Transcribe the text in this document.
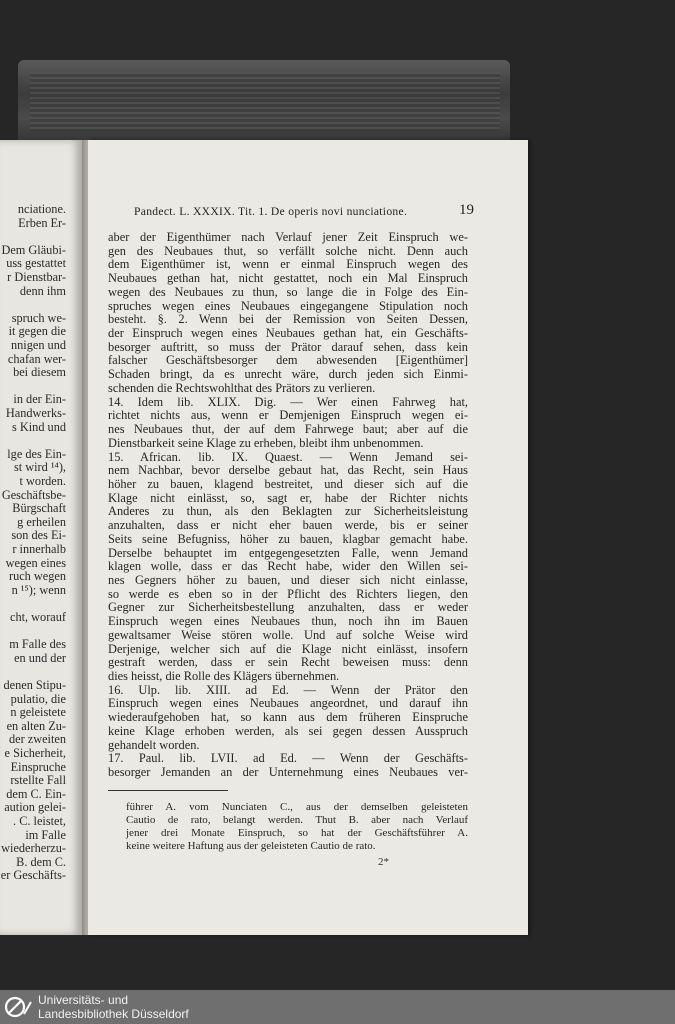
nciatione.
Erben Er-
Dem Gläubi-
uss gestattet
r Dienstbar-
denn ihm
spruch we-
it gegen die
nnigen und
chafan wer-
bei diesem
in der Ein-
Handwerks-
s Kind und
lge des Ein-
st wird ¹⁴),
t worden.
Geschäftsbe-
Bürgschaft
g erheilen
son des Ei-
r innerhalb
wegen eines
ruch wegen
n ¹⁵); wenn
cht, worauf
m Falle des
en und der
denen Stipu-
pulatio, die
n geleistete
en alten Zu-
der zweiten
e Sicherheit,
Einspruche
rstellte Fall
dem C. Ein-
aution gelei-
. C. leistet,
im Falle
wiederherzu-
B. dem C.
er Geschäfts-
Pandect. L. XXXIX. Tit. 1. De operis novi nunciatione.	19
2*
aber der Eigenthümer nach Verlauf jener Zeit Einspruch we-
gen des Neubaues thut, so verfällt solche nicht. Denn auch
dem Eigenthümer ist, wenn er einmal Einspruch wegen des
Neubaues gethan hat, nicht gestattet, noch ein Mal Einspruch
wegen des Neubaues zu thun, so lange die in Folge des Ein-
spruches wegen eines Neubaues eingegangene Stipulation noch
besteht. §. 2. Wenn bei der Remission von Seiten Dessen,
der Einspruch wegen eines Neubaues gethan hat, ein Geschäfts-
besorger auftritt, so muss der Prätor darauf sehen, dass kein
falscher Geschäftsbesorger dem abwesenden [Eigenthümer]
Schaden bringt, da es unrecht wäre, durch jeden sich Einmi-
schenden die Rechtswohlthat des Prätors zu verlieren.
14. Idem lib. XLIX. Dig. — Wer einen Fahrweg hat,
richtet nichts aus, wenn er Demjenigen Einspruch wegen ei-
nes Neubaues thut, der auf dem Fahrwege baut; aber auf die
Dienstbarkeit seine Klage zu erheben, bleibt ihm unbenommen.
15. African. lib. IX. Quaest. — Wenn Jemand sei-
nem Nachbar, bevor derselbe gebaut hat, das Recht, sein Haus
höher zu bauen, klagend bestreitet, und dieser sich auf die
Klage nicht einlässt, so, sagt er, habe der Richter nichts
Anderes zu thun, als den Beklagten zur Sicherheitsleistung
anzuhalten, dass er nicht eher bauen werde, bis er seiner
Seits seine Befugniss, höher zu bauen, klagbar gemacht habe.
Derselbe behauptet im entgegengesetzten Falle, wenn Jemand
klagen wolle, dass er das Recht habe, wider den Willen sei-
nes Gegners höher zu bauen, und dieser sich nicht einlasse,
so werde es eben so in der Pflicht des Richters liegen, den
Gegner zur Sicherheitsbestellung anzuhalten, dass er weder
Einspruch wegen eines Neubaues thun, noch ihn im Bauen
gewaltsamer Weise stören wolle. Und auf solche Weise wird
Derjenige, welcher sich auf die Klage nicht einlässt, insofern
gestraft werden, dass er sein Recht beweisen muss: denn
dies heisst, die Rolle des Klägers übernehmen.
16. Ulp. lib. XIII. ad Ed. — Wenn der Prätor den
Einspruch wegen eines Neubaues angeordnet, und darauf ihn
wiederaufgehoben hat, so kann aus dem früheren Einspruche
keine Klage erhoben werden, als sei gegen dessen Ausspruch
gehandelt worden.
17. Paul. lib. LVII. ad Ed. — Wenn der Geschäfts-
besorger Jemanden an der Unternehmung eines Neubaues ver-
führer A. vom Nunciaten C., aus der demselben geleisteten
Cautio de rato, belangt werden. Thut B. aber nach Verlauf
jener drei Monate Einspruch, so hat der Geschäftsführer A.
keine weitere Haftung aus der geleisteten Cautio de rato.
Universitäts- und
Landesbibliothek Düsseldorf
